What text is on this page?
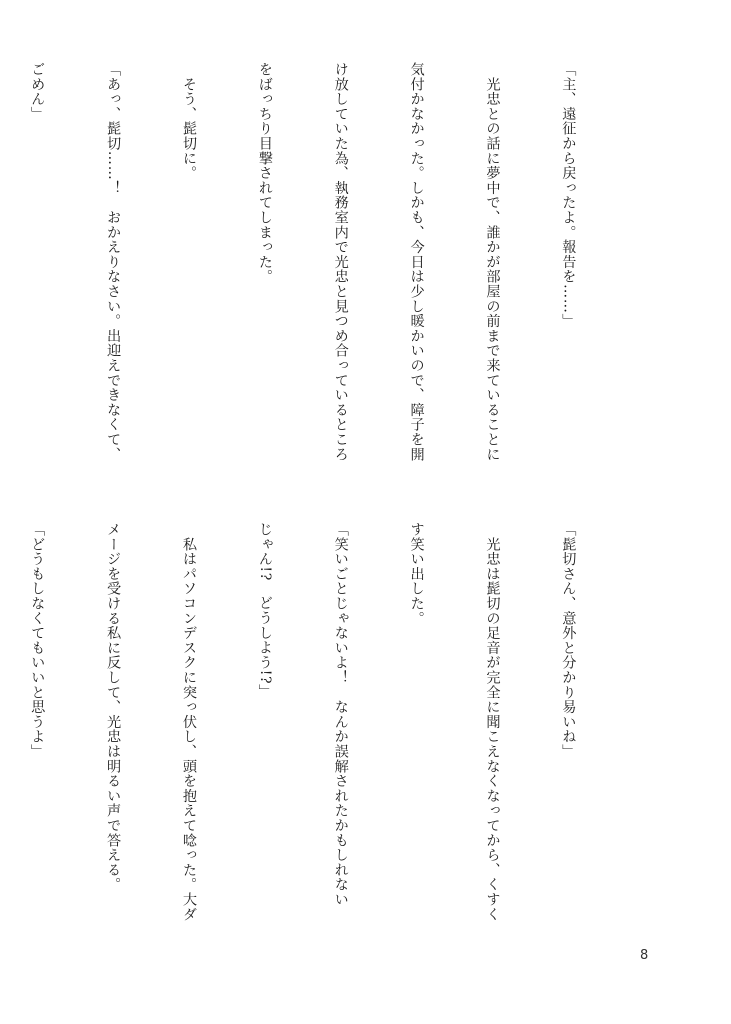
「主、遠征から戻ったよ。報告を……」

　光忠との話に夢中で、誰かが部屋の前まで来ていることに

気付かなかった。しかも、今日は少し暖かいので、障子を開

け放していた為、執務室内で光忠と見つめ合っているところ

をばっちり目撃されてしまった。

　そう、髭切に。

「あっ、髭切……！　おかえりなさい。出迎えできなくて、

ごめん」

「髭切さん、意外と分かり易いね」

　光忠は髭切の足音が完全に聞こえなくなってから、くすく

す笑い出した。

「笑いごとじゃないよ！　なんか誤解されたかもしれない

じゃん!?　どうしよう!?」

　私はパソコンデスクに突っ伏し、頭を抱えて唸った。大ダ

メージを受ける私に反して、光忠は明るい声で答える。

「どうもしなくてもいいと思うよ」

8
